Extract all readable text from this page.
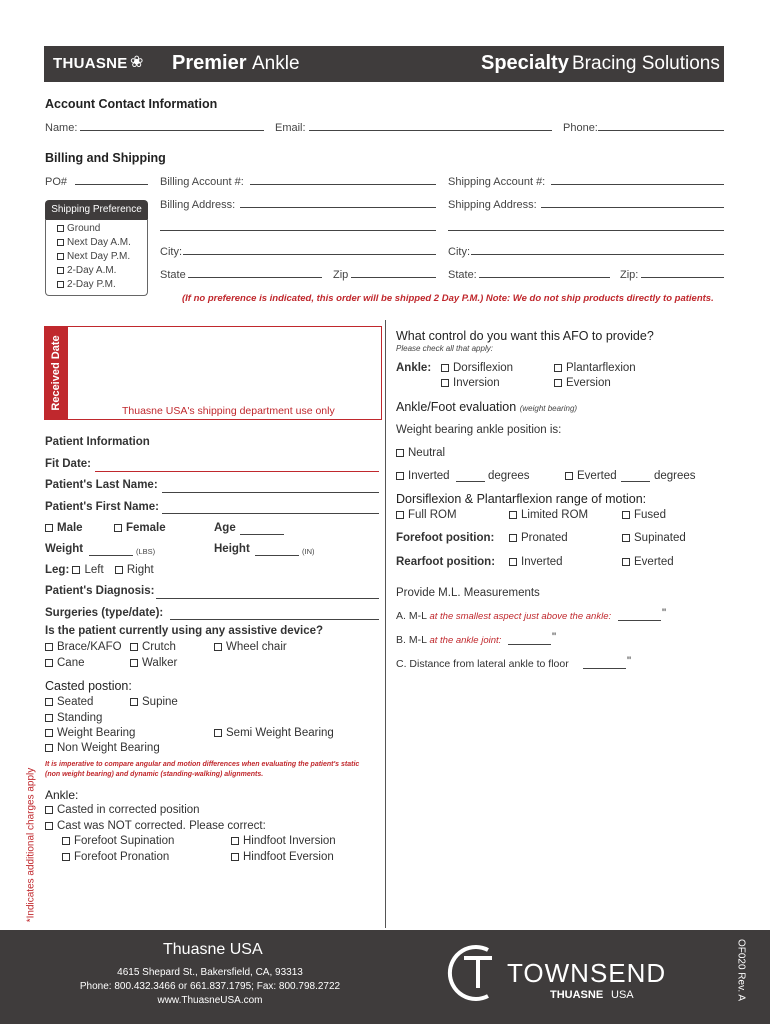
THUASNE ❀ Premier Ankle	Specialty Bracing Solutions
Account Contact Information
Name:	Email:	Phone:
Billing and Shipping
PO#	Billing Account #:	Shipping Account #:
Shipping Preference
Ground
Next Day A.M.
Next Day P.M.
2-Day A.M.
2-Day P.M.
Billing Address:	Shipping Address:
City:	City:
State	Zip	State:	Zip:
(If no preference is indicated, this order will be shipped 2 Day P.M.) Note: We do not ship products directly to patients.
Received Date
Thuasne USA's shipping department use only
Patient Information
Fit Date:
Patient's Last Name:
Patient's First Name:
Male	Female	Age
Weight	(LBS)	Height	(IN)
Leg: Left Right
Patient's Diagnosis:
Surgeries (type/date):
Is the patient currently using any assistive device?
Brace/KAFO	Crutch	Wheel chair
Cane	Walker
Casted postion:
Seated	Supine
Standing
Weight Bearing	Semi Weight Bearing
Non Weight Bearing
It is imperative to compare angular and motion differences when evaluating the patient's static
(non weight bearing) and dynamic (standing-walking) alignments.
Ankle:
Casted in corrected position
Cast was NOT corrected. Please correct:
Forefoot Supination	Hindfoot Inversion
Forefoot Pronation	Hindfoot Eversion
*Indicates additional charges apply
What control do you want this AFO to provide?
Please check all that apply:
Ankle:	Dorsiflexion	Plantarflexion
Inversion	Eversion
Ankle/Foot evaluation (weight bearing)
Weight bearing ankle position is:
Neutral
Inverted	degrees	Everted	degrees
Dorsiflexion & Plantarflexion range of motion:
Full ROM	Limited ROM	Fused
Forefoot position:	Pronated	Supinated
Rearfoot position:	Inverted	Everted
Provide M.L. Measurements
A. M-L at the smallest aspect just above the ankle:	"
B. M-L at the ankle joint:	"
C. Distance from lateral ankle to floor	"
Thuasne USA
4615 Shepard St., Bakersfield, CA, 93313
Phone: 800.432.3466 or 661.837.1795; Fax: 800.798.2722
www.ThuasneUSA.com
TOWNSEND
THUASNE USA	OF020 Rev. A
